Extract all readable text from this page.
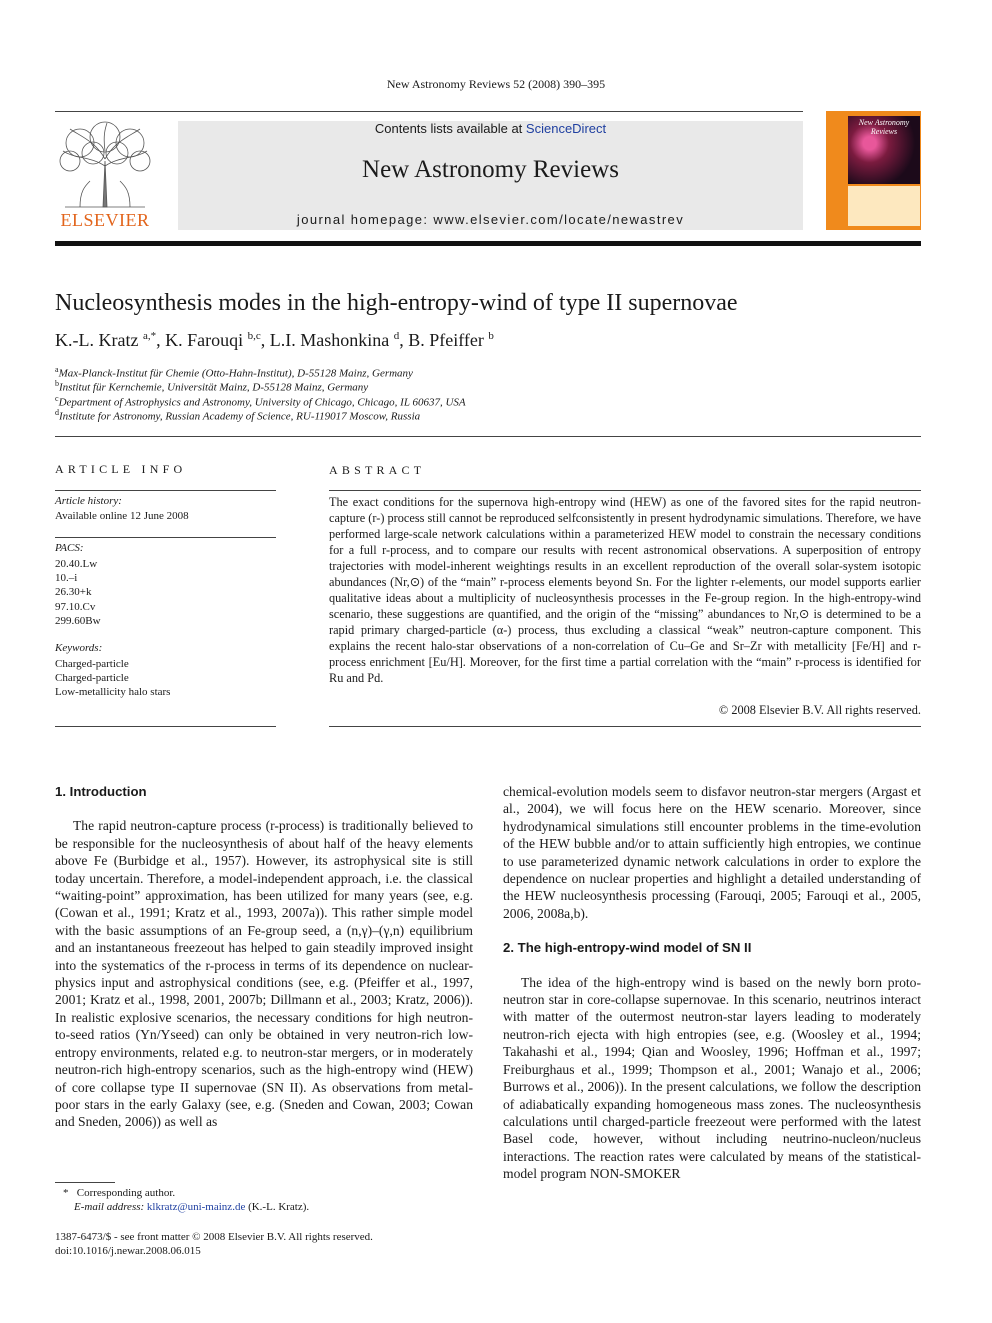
New Astronomy Reviews 52 (2008) 390–395
ELSEVIER
Contents lists available at ScienceDirect
New Astronomy Reviews
journal homepage: www.elsevier.com/locate/newastrev
New Astronomy Reviews
Nucleosynthesis modes in the high-entropy-wind of type II supernovae
K.-L. Kratz $^{a,*}$, K. Farouqi $^{b,c}$, L.I. Mashonkina $^d$, B. Pfeiffer $^b$
$^a$Max-Planck-Institut für Chemie (Otto-Hahn-Institut), D-55128 Mainz, Germany
$^b$Institut für Kernchemie, Universität Mainz, D-55128 Mainz, Germany
$^c$Department of Astrophysics and Astronomy, University of Chicago, Chicago, IL 60637, USA
$^d$Institute for Astronomy, Russian Academy of Science, RU-119017 Moscow, Russia
ARTICLE INFO
Article history:
Available online 12 June 2008
PACS:
20.40.Lw
10.–i
26.30+k
97.10.Cv
299.60Bw
Keywords:
Charged-particle
Charged-particle
Low-metallicity halo stars
ABSTRACT
The exact conditions for the supernova high-entropy wind (HEW) as one of the favored sites for the rapid neutron-capture (r-) process still cannot be reproduced selfconsistently in present hydrodynamic simulations. Therefore, we have performed large-scale network calculations within a parameterized HEW model to constrain the necessary conditions for a full r-process, and to compare our results with recent astronomical observations. A superposition of entropy trajectories with model-inherent weightings results in an excellent reproduction of the overall solar-system isotopic abundances (Nr,⊙) of the “main” r-process elements beyond Sn. For the lighter r-elements, our model supports earlier qualitative ideas about a multiplicity of nucleosynthesis processes in the Fe-group region. In the high-entropy-wind scenario, these suggestions are quantified, and the origin of the “missing” abundances to Nr,⊙ is determined to be a rapid primary charged-particle (α-) process, thus excluding a classical “weak” neutron-capture component. This explains the recent halo-star observations of a non-correlation of Cu–Ge and Sr–Zr with metallicity [Fe/H] and r-process enrichment [Eu/H]. Moreover, for the first time a partial correlation with the “main” r-process is identified for Ru and Pd.
© 2008 Elsevier B.V. All rights reserved.

1. Introduction

The rapid neutron-capture process (r-process) is traditionally believed to be responsible for the nucleosynthesis of about half of the heavy elements above Fe (Burbidge et al., 1957). However, its astrophysical site is still today uncertain. Therefore, a model-independent approach, i.e. the classical “waiting-point” approximation, has been utilized for many years (see, e.g. (Cowan et al., 1991; Kratz et al., 1993, 2007a)). This rather simple model with the basic assumptions of an Fe-group seed, a (n,γ)–(γ,n) equilibrium and an instantaneous freezeout has helped to gain steadily improved insight into the systematics of the r-process in terms of its dependence on nuclear-physics input and astrophysical conditions (see, e.g. (Pfeiffer et al., 1997, 2001; Kratz et al., 1998, 2001, 2007b; Dillmann et al., 2003; Kratz, 2006)). In realistic explosive scenarios, the necessary conditions for high neutron-to-seed ratios (Yn/Yseed) can only be obtained in very neutron-rich low-entropy environments, related e.g. to neutron-star mergers, or in moderately neutron-rich high-entropy scenarios, such as the high-entropy wind (HEW) of core collapse type II supernovae (SN II). As observations from metal-poor stars in the early Galaxy (see, e.g. (Sneden and Cowan, 2003; Cowan and Sneden, 2006)) as well as

chemical-evolution models seem to disfavor neutron-star mergers (Argast et al., 2004), we will focus here on the HEW scenario. Moreover, since hydrodynamical simulations still encounter problems in the time-evolution of the HEW bubble and/or to attain sufficiently high entropies, we continue to use parameterized dynamic network calculations in order to explore the dependence on nuclear properties and highlight a detailed understanding of the HEW nucleosynthesis processing (Farouqi, 2005; Farouqi et al., 2005, 2006, 2008a,b).

2. The high-entropy-wind model of SN II

The idea of the high-entropy wind is based on the newly born proto-neutron star in core-collapse supernovae. In this scenario, neutrinos interact with matter of the outermost neutron-star layers leading to moderately neutron-rich ejecta with high entropies (see, e.g. (Woosley et al., 1994; Takahashi et al., 1994; Qian and Woosley, 1996; Hoffman et al., 1997; Freiburghaus et al., 1999; Thompson et al., 2001; Wanajo et al., 2006; Burrows et al., 2006)). In the present calculations, we follow the description of adiabatically expanding homogeneous mass zones. The nucleosynthesis calculations until charged-particle freezeout were performed with the latest Basel code, however, without including neutrino-nucleon/nucleus interactions. The reaction rates were calculated by means of the statistical-model program NON-SMOKER

* Corresponding author.
E-mail address: klkratz@uni-mainz.de (K.-L. Kratz).
1387-6473/$ - see front matter © 2008 Elsevier B.V. All rights reserved.
doi:10.1016/j.newar.2008.06.015
